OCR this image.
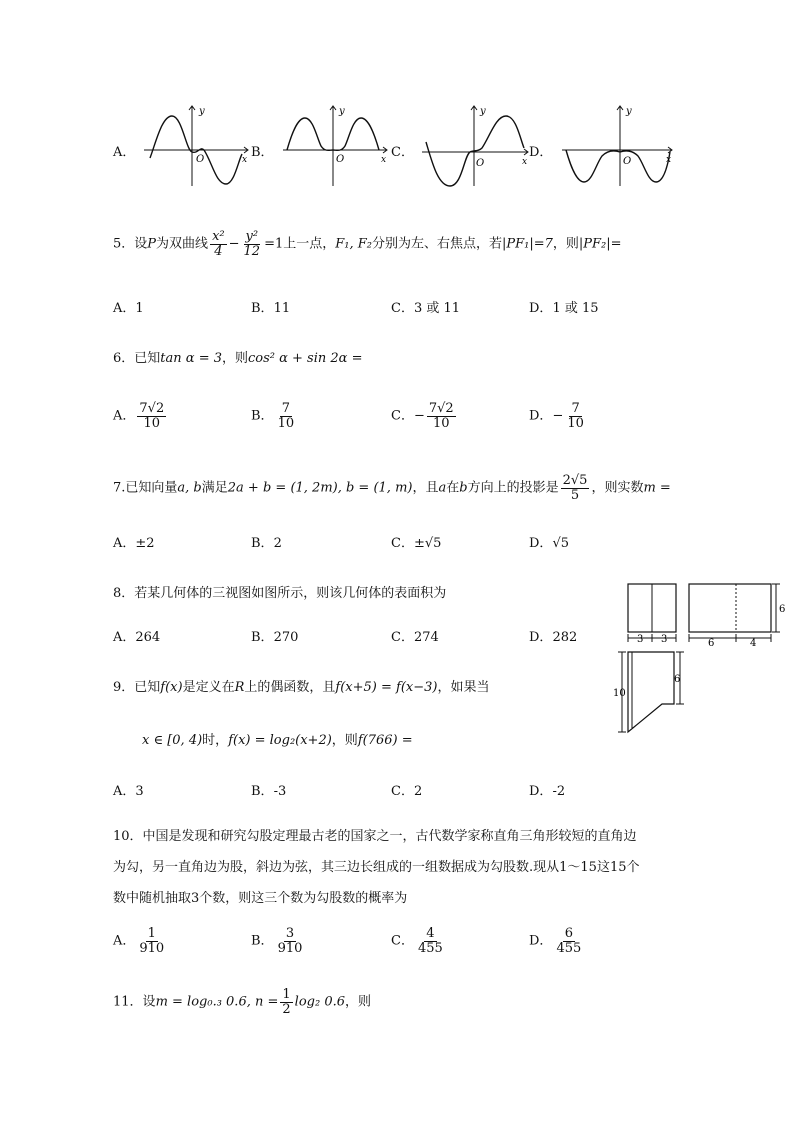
A．	B．	C．	D．
y
x
O
y
x
O
y
x
O
y
x
O
5．设P为双曲线 $\frac{\text{x²}}{4} - \frac{\text{y²}}{12} =1$上一点，F₁, F₂分别为左、右焦点，若|PF₁|=7，则|PF₂|=
A．1	B．11	C．3 或 11	D．1 或 15
6．已知tan α = 3，则cos² α + sin 2α =
A． $\frac{7√2}{10}$	B． $\frac{7}{10}$	C．− $\frac{7√2}{10}$	D．− $\frac{7}{10}$
7.已知向量a, b满足2a + b = (1, 2m), b = (1, m)，且a在b方向上的投影是 $\frac{2√5}{5}$ ，则实数m =
A．±2	B．2	C．±√5	D．√5
8．若某几何体的三视图如图所示，则该几何体的表面积为
A．264	B．270	C．274	D．282	3 3	6	4
6
10
6
9．已知f(x)是定义在R上的偶函数，且f(x+5) = f(x−3)，如果当
x ∈ [0, 4)时，f(x) = log₂(x+2)，则f(766) =
A．3	B．-3	C．2	D．-2
10．中国是发现和研究勾股定理最古老的国家之一，古代数学家称直角三角形较短的直角边
为勾，另一直角边为股，斜边为弦，其三边长组成的一组数据成为勾股数.现从1～15这15个
数中随机抽取3个数，则这三个数为勾股数的概率为
A． $\frac{1}{910}$	B． $\frac{3}{910}$	C． $\frac{4}{455}$	D． $\frac{6}{455}$
11．设m = log₀.₃ 0.6, $n = \frac{1}{2} \log_2$ 0.6，则
